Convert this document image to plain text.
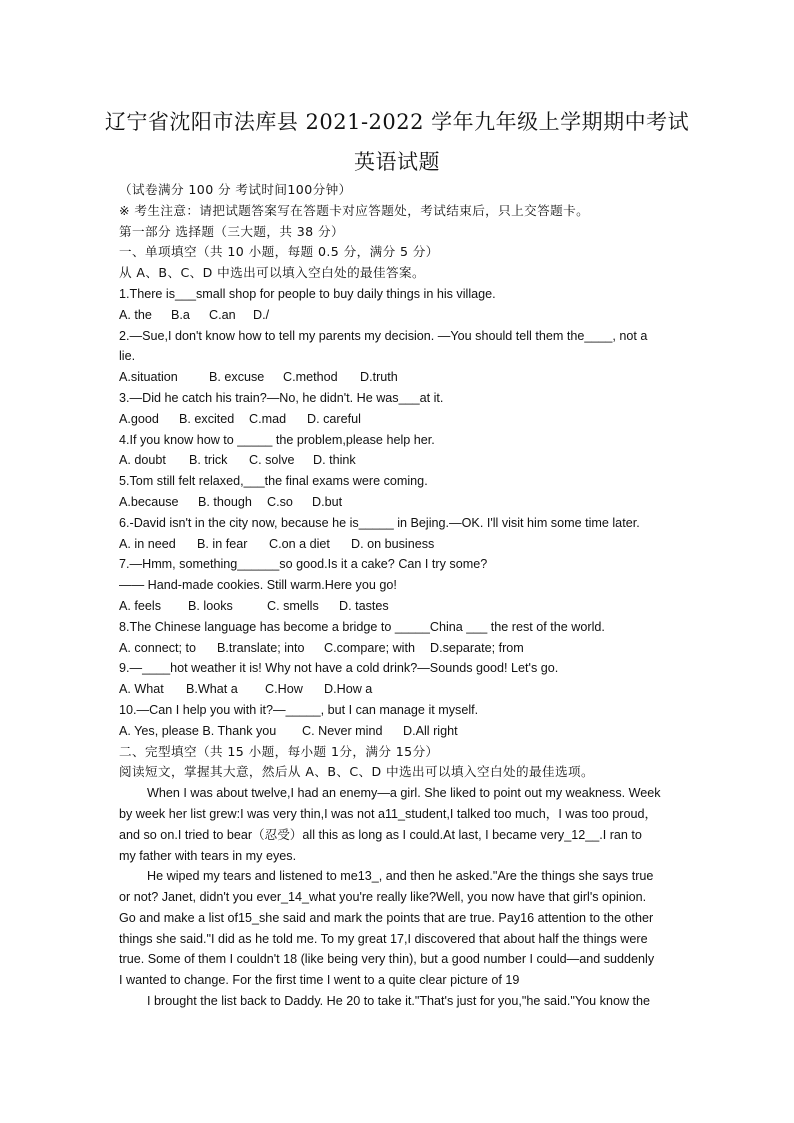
辽宁省沈阳市法库县 2021-2022 学年九年级上学期期中考试
英语试题
（试卷满分 100 分 考试时间100分钟）
※ 考生注意：请把试题答案写在答题卡对应答题处，考试结束后，只上交答题卡。
第一部分 选择题（三大题，共 38 分）
一、单项填空（共 10 小题，每题 0.5 分，满分 5 分）
从 A、B、C、D 中选出可以填入空白处的最佳答案。
1.There is___small shop for people to buy daily things in his village.
A. the B.a C.an D./
2.—Sue,I don't know how to tell my parents my decision. —You should tell them the____, not a
lie.
A.situation B. excuse C.method D.truth
3.—Did he catch his train?—No, he didn't. He was___at it.
A.good B. excited C.mad D. careful
4.If you know how to _____ the problem,please help her.
A. doubt B. trick C. solve D. think
5.Tom still felt relaxed,___the final exams were coming.
A.because B. though C.so D.but
6.-David isn't in the city now, because he is_____ in Bejing.—OK. I'll visit him some time later.
A. in need B. in fear C.on a diet D. on business
7.—Hmm, something______so good.Is it a cake? Can I try some?
—— Hand-made cookies. Still warm.Here you go!
A. feels B. looks	C. smells D. tastes
8.The Chinese language has become a bridge to _____China ___ the rest of the world.
A. connect; to B.translate; into C.compare; with D.separate; from
9.—____hot weather it is! Why not have a cold drink?—Sounds good! Let's go.
A. What B.What a C.How D.How a
10.—Can I help you with it?—_____, but I can manage it myself.
A. Yes, please B. Thank you C. Never mind D.All right
二、完型填空（共 15 小题，每小题 1分，满分 15分）
阅读短文，掌握其大意，然后从 A、B、C、D 中选出可以填入空白处的最佳选项。
When I was about twelve,I had an enemy—a girl. She liked to point out my weakness. Week
by week her list grew:I was very thin,I was not a11_student,I talked too much，I was too proud，
and so on.I tried to bear（忍受）all this as long as I could.At last, I became very_12__.I ran to
my father with tears in my eyes.
He wiped my tears and listened to me13_, and then he asked."Are the things she says true
or not? Janet, didn't you ever_14_what you're really like?Well, you now have that girl's opinion.
Go and make a list of15_she said and mark the points that are true. Pay16 attention to the other
things she said."I did as he told me. To my great 17,I discovered that about half the things were
true. Some of them I couldn't 18 (like being very thin), but a good number I could—and suddenly
I wanted to change. For the first time I went to a quite clear picture of 19
I brought the list back to Daddy. He 20 to take it."That's just for you,"he said."You know the
